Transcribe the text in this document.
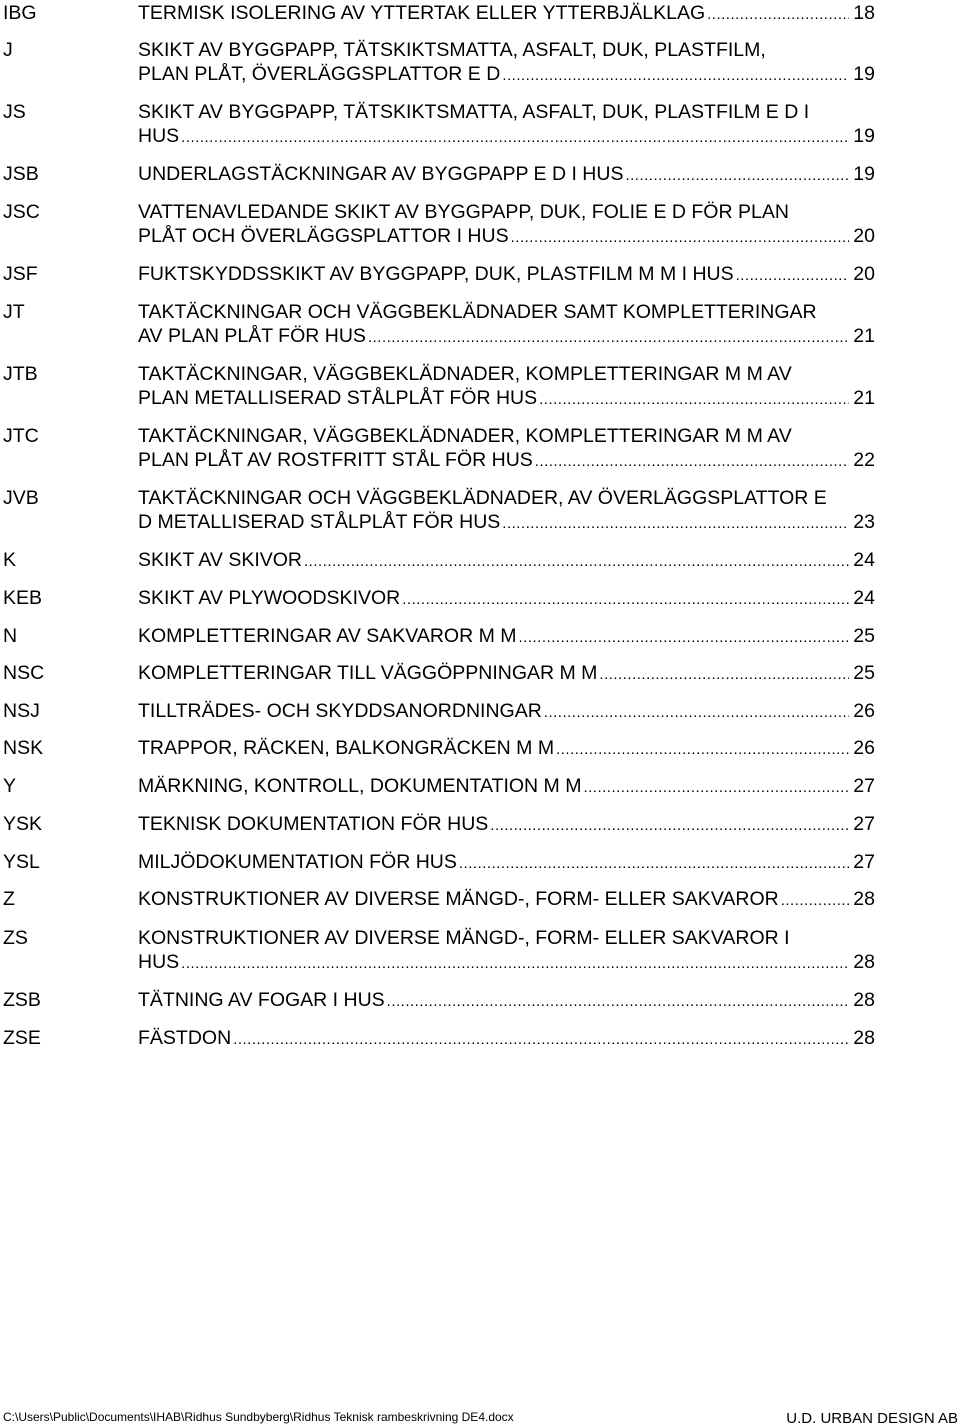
IBG	TERMISK ISOLERING AV YTTERTAK ELLER YTTERBJÄLKLAG .....	18
J	SKIKT AV BYGGPAPP, TÄTSKIKTSMATTA, ASFALT, DUK, PLASTFILM,
PLAN PLÅT, ÖVERLÄGGSPLATTOR E D .....	19
JS	SKIKT AV BYGGPAPP, TÄTSKIKTSMATTA, ASFALT, DUK, PLASTFILM E D I
HUS .....	19
JSB	UNDERLAGSTÄCKNINGAR AV BYGGPAPP E D I HUS .....	19
JSC	VATTENAVLEDANDE SKIKT AV BYGGPAPP, DUK, FOLIE E D FÖR PLAN
PLÅT OCH ÖVERLÄGGSPLATTOR I HUS .....	20
JSF	FUKTSKYDDSSKIKT AV BYGGPAPP, DUK, PLASTFILM M M I HUS .....	20
JT	TAKTÄCKNINGAR OCH VÄGGBEKLÄDNADER SAMT KOMPLETTERINGAR
AV PLAN PLÅT FÖR HUS .....	21
JTB	TAKTÄCKNINGAR, VÄGGBEKLÄDNADER, KOMPLETTERINGAR M M AV
PLAN METALLISERAD STÅLPLÅT FÖR HUS .....	21
JTC	TAKTÄCKNINGAR, VÄGGBEKLÄDNADER, KOMPLETTERINGAR M M AV
PLAN PLÅT AV ROSTFRITT STÅL FÖR HUS .....	22
JVB	TAKTÄCKNINGAR OCH VÄGGBEKLÄDNADER, AV ÖVERLÄGGSPLATTOR E
D METALLISERAD STÅLPLÅT FÖR HUS .....	23
K	SKIKT AV SKIVOR .....	24
KEB	SKIKT AV PLYWOODSKIVOR .....	24
N	KOMPLETTERINGAR AV SAKVAROR M M .....	25
NSC	KOMPLETTERINGAR TILL VÄGGÖPPNINGAR M M .....	25
NSJ	TILLTRÄDES- OCH SKYDDSANORDNINGAR .....	26
NSK	TRAPPOR, RÄCKEN, BALKONGRÄCKEN M M .....	26
Y	MÄRKNING, KONTROLL, DOKUMENTATION M M .....	27
YSK	TEKNISK DOKUMENTATION FÖR HUS .....	27
YSL	MILJÖDOKUMENTATION FÖR HUS .....	27
Z	KONSTRUKTIONER AV DIVERSE MÄNGD-, FORM- ELLER SAKVAROR .....	28
ZS	KONSTRUKTIONER AV DIVERSE MÄNGD-, FORM- ELLER SAKVAROR I
HUS .....	28
ZSB	TÄTNING AV FOGAR I HUS .....	28
ZSE	FÄSTDON .....	28
C:\Users\Public\Documents\IHAB\Ridhus Sundbyberg\Ridhus Teknisk rambeskrivning DE4.docx	U.D. URBAN DESIGN AB
